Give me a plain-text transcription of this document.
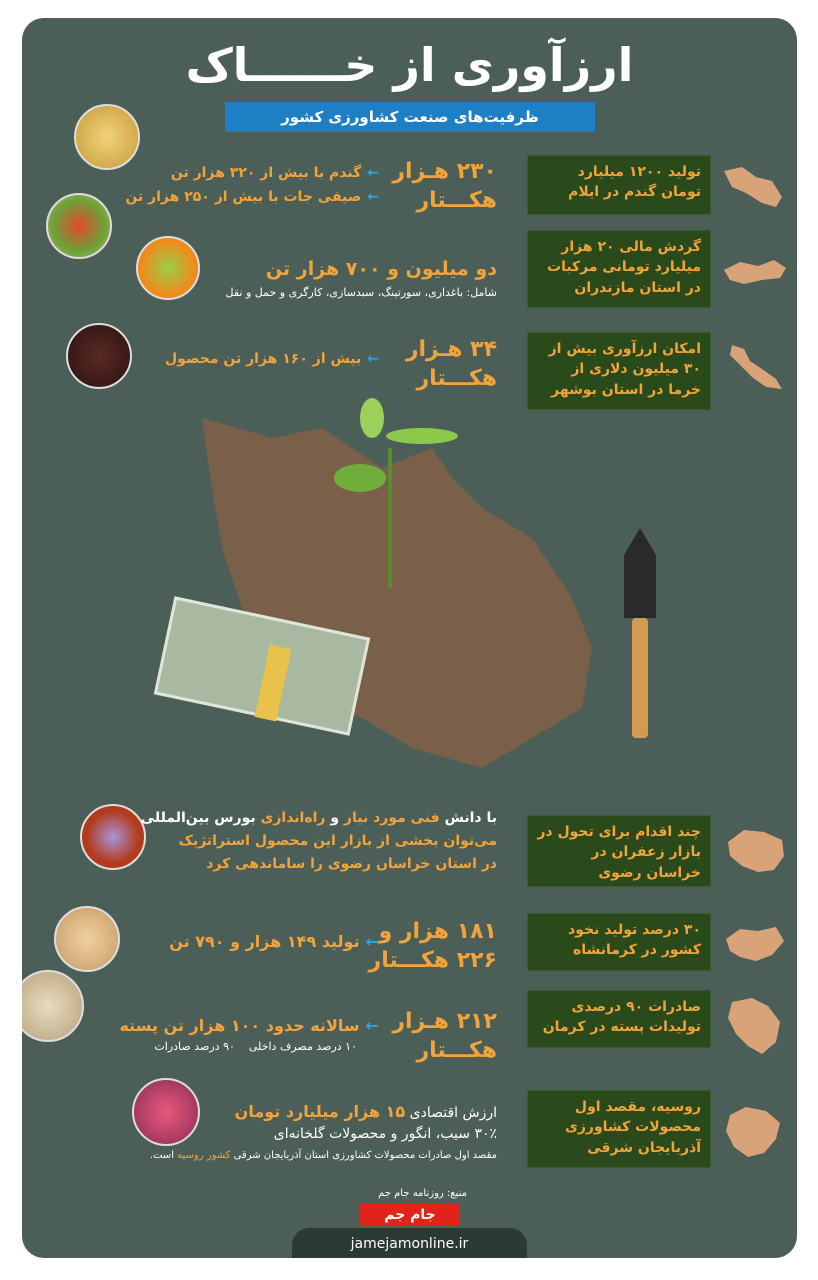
ارزآوری از خــــــاک
ظرفیت‌های صنعت کشاورزی کشور
تولید ۱۲۰۰ میلیارد تومان گندم در ایلام
گردش مالی ۲۰ هزار میلیارد تومانی مرکبات در استان مازندران
امکان ارزآوری بیش از ۳۰ میلیون دلاری از خرما در استان بوشهر
چند اقدام برای تحول در بازار زعفران در خراسان رضوی
۳۰ درصد تولید نخود کشور در کرمانشاه
صادرات ۹۰ درصدی تولیدات پسته در کرمان
روسیه، مقصد اول محصولات کشاورزی آذربایجان شرقی
۲۳۰ هـزار هکـــتار
←گندم با بیش از ۳۲۰ هزار تن
←صیفی جات با بیش از ۲۵۰ هزار تن
دو میلیون و ۷۰۰ هزار تن
شامل: باغداری، سورتینگ، سبدسازی، کارگری و حمل و نقل
۳۴ هـزار هکـــتار
←بیش از ۱۶۰ هزار تن محصول
با دانش فنی مورد نیاز و راه‌اندازی بورس بین‌المللی
می‌توان بخشی از بازار این محصول استراتژیک
در استان خراسان رضوی را ساماندهی کرد
۱۸۱ هزار و ۲۲۶ هکـــتار
←تولید ۱۴۹ هزار و ۷۹۰ تن
۲۱۲ هـزار هکـــتار
←سالانه حدود ۱۰۰ هزار تن پسته
۱۰ درصد مصرف داخلی    ۹۰ درصد صادرات
ارزش اقتصادی ۱۵ هزار میلیارد تومان
۳۰٪ سیب، انگور و محصولات گلخانه‌ای
مقصد اول صادرات محصولات کشاورزی استان آذربایجان شرقی کشور روسیه است.
منبع: روزنامه جام جم
جام جم
jamejamonline.ir
